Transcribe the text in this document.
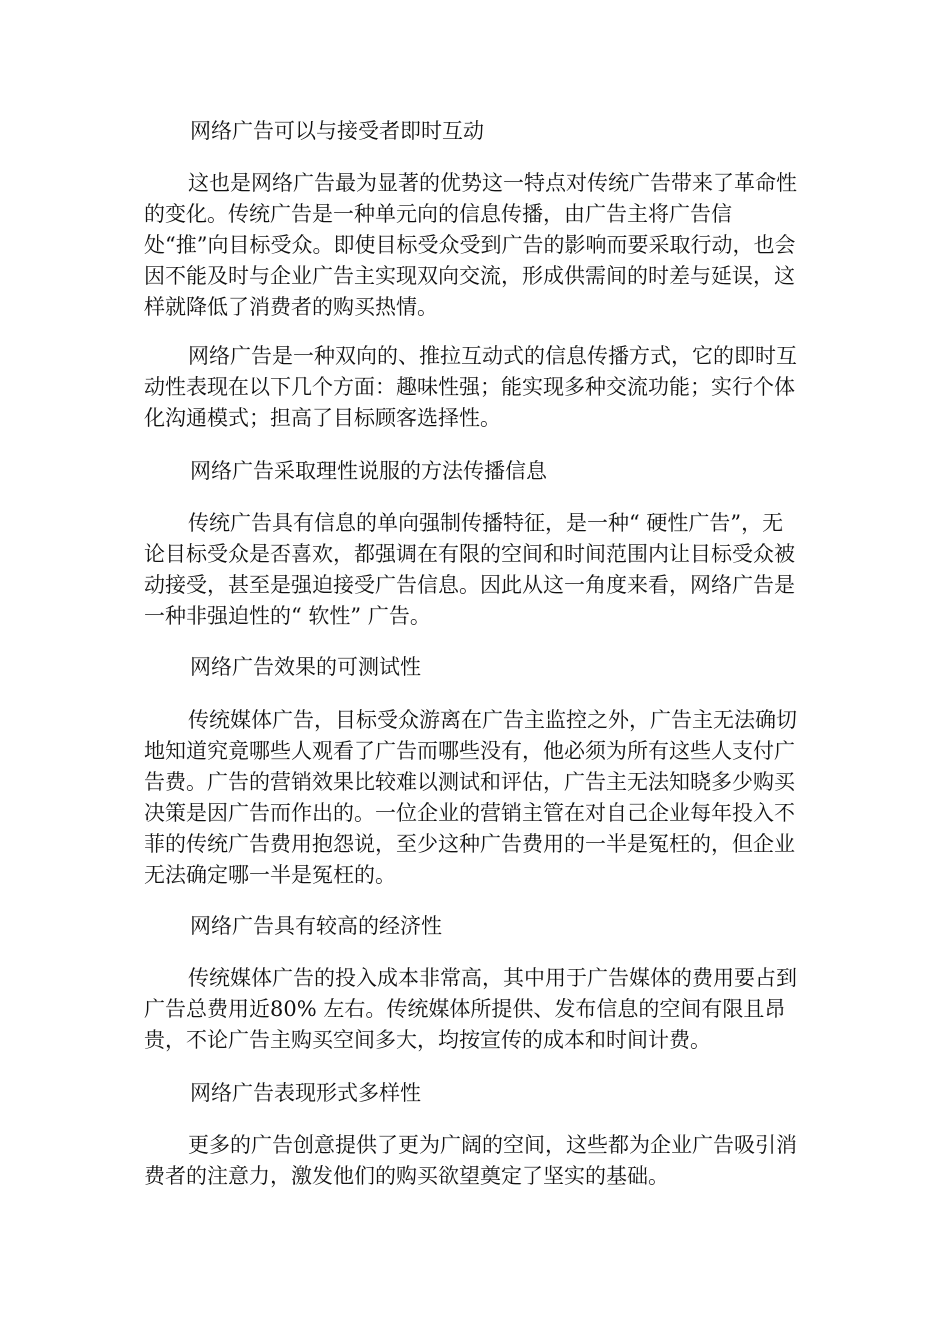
网络广告可以与接受者即时互动

这也是网络广告最为显著的优势这一特点对传统广告带来了革命性的变化。传统广告是一种单元向的信息传播，由广告主将广告信处“推”向目标受众。即使目标受众受到广告的影响而要采取行动，也会因不能及时与企业广告主实现双向交流，形成供需间的时差与延误，这样就降低了消费者的购买热情。

网络广告是一种双向的、推拉互动式的信息传播方式，它的即时互动性表现在以下几个方面：趣味性强；能实现多种交流功能；实行个体化沟通模式；担高了目标顾客选择性。

网络广告采取理性说服的方法传播信息

传统广告具有信息的单向强制传播特征，是一种“ 硬性广告”，无论目标受众是否喜欢，都强调在有限的空间和时间范围内让目标受众被动接受，甚至是强迫接受广告信息。因此从这一角度来看，网络广告是一种非强迫性的“ 软性” 广告。

网络广告效果的可测试性

传统媒体广告，目标受众游离在广告主监控之外，广告主无法确切地知道究竟哪些人观看了广告而哪些没有，他必须为所有这些人支付广告费。广告的营销效果比较难以测试和评估，广告主无法知晓多少购买决策是因广告而作出的。一位企业的营销主管在对自己企业每年投入不菲的传统广告费用抱怨说，至少这种广告费用的一半是冤枉的，但企业无法确定哪一半是冤枉的。

网络广告具有较高的经济性

传统媒体广告的投入成本非常高，其中用于广告媒体的费用要占到广告总费用近80% 左右。传统媒体所提供、发布信息的空间有限且昂贵，不论广告主购买空间多大，均按宣传的成本和时间计费。

网络广告表现形式多样性

更多的广告创意提供了更为广阔的空间，这些都为企业广告吸引消费者的注意力，激发他们的购买欲望奠定了坚实的基础。
